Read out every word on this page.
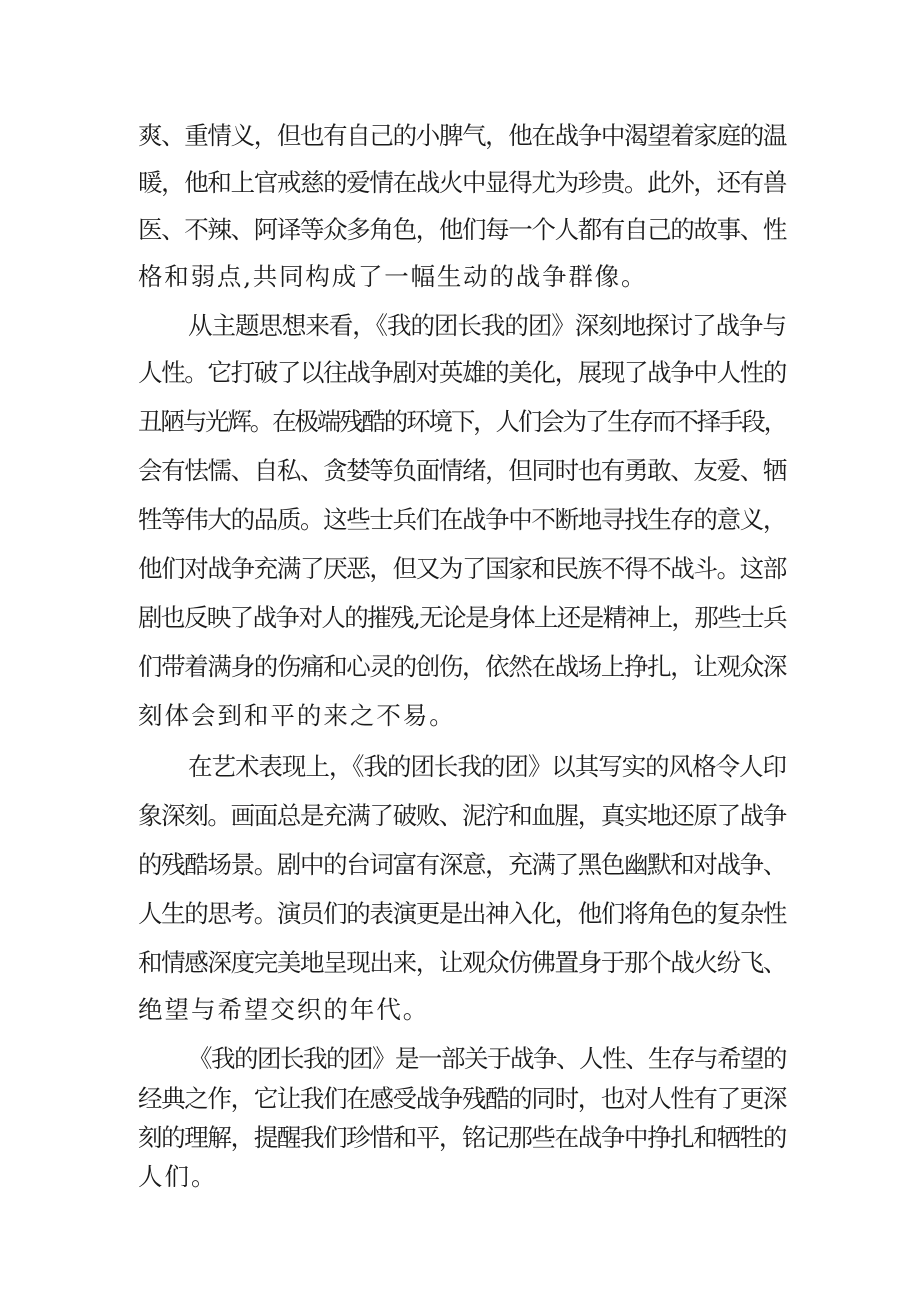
爽、重情义，但也有自己的小脾气，他在战争中渴望着家庭的温
暖，他和上官戒慈的爱情在战火中显得尤为珍贵。此外，还有兽
医、不辣、阿译等众多角色，他们每一个人都有自己的故事、性
格和弱点,共同构成了一幅生动的战争群像。
从主题思想来看，《我的团长我的团》深刻地探讨了战争与
人性。它打破了以往战争剧对英雄的美化，展现了战争中人性的
丑陋与光辉。在极端残酷的环境下，人们会为了生存而不择手段，
会有怯懦、自私、贪婪等负面情绪，但同时也有勇敢、友爱、牺
牲等伟大的品质。这些士兵们在战争中不断地寻找生存的意义，
他们对战争充满了厌恶，但又为了国家和民族不得不战斗。这部
剧也反映了战争对人的摧残,无论是身体上还是精神上，那些士兵
们带着满身的伤痛和心灵的创伤，依然在战场上挣扎，让观众深
刻体会到和平的来之不易。
在艺术表现上，《我的团长我的团》以其写实的风格令人印
象深刻。画面总是充满了破败、泥泞和血腥，真实地还原了战争
的残酷场景。剧中的台词富有深意，充满了黑色幽默和对战争、
人生的思考。演员们的表演更是出神入化，他们将角色的复杂性
和情感深度完美地呈现出来，让观众仿佛置身于那个战火纷飞、
绝望与希望交织的年代。
《我的团长我的团》是一部关于战争、人性、生存与希望的
经典之作，它让我们在感受战争残酷的同时，也对人性有了更深
刻的理解，提醒我们珍惜和平，铭记那些在战争中挣扎和牺牲的
人们。
